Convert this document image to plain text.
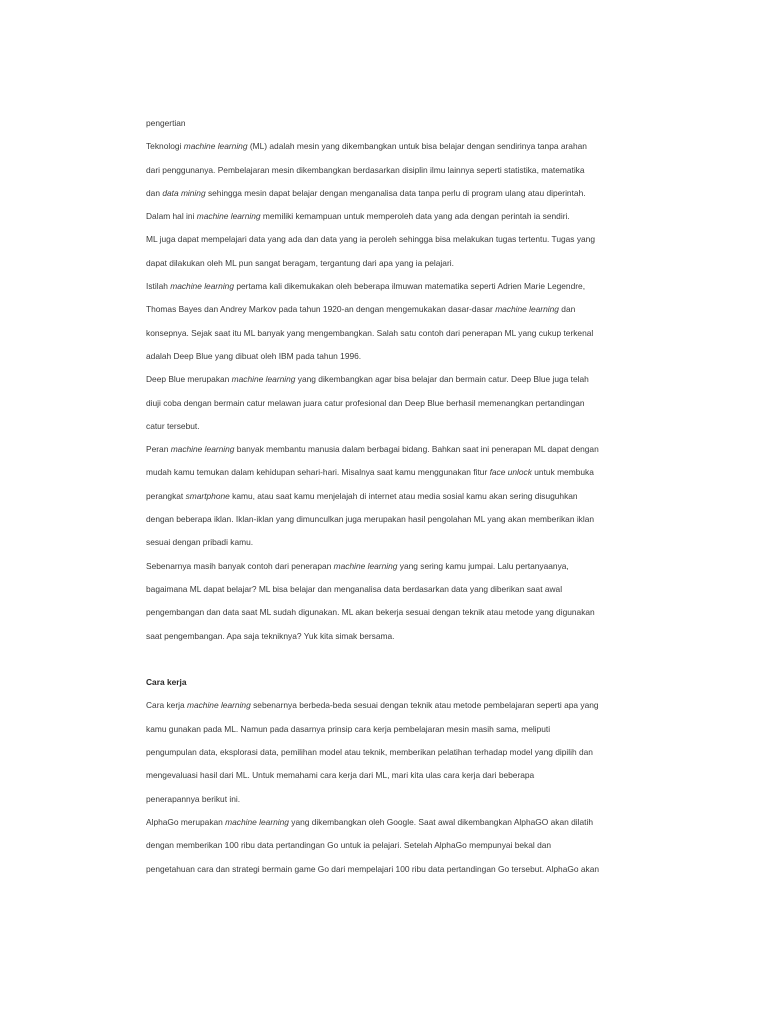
pengertian
Teknologi machine learning (ML) adalah mesin yang dikembangkan untuk bisa belajar dengan sendirinya tanpa arahan
dari penggunanya. Pembelajaran mesin dikembangkan berdasarkan disiplin ilmu lainnya seperti statistika, matematika
dan data mining sehingga mesin dapat belajar dengan menganalisa data tanpa perlu di program ulang atau diperintah.
Dalam hal ini machine learning memiliki kemampuan untuk memperoleh data yang ada dengan perintah ia sendiri.
ML juga dapat mempelajari data yang ada dan data yang ia peroleh sehingga bisa melakukan tugas tertentu. Tugas yang
dapat dilakukan oleh ML pun sangat beragam, tergantung dari apa yang ia pelajari.
Istilah machine learning pertama kali dikemukakan oleh beberapa ilmuwan matematika seperti Adrien Marie Legendre,
Thomas Bayes dan Andrey Markov pada tahun 1920-an dengan mengemukakan dasar-dasar machine learning dan
konsepnya. Sejak saat itu ML banyak yang mengembangkan. Salah satu contoh dari penerapan ML yang cukup terkenal
adalah Deep Blue yang dibuat oleh IBM pada tahun 1996.
Deep Blue merupakan machine learning yang dikembangkan agar bisa belajar dan bermain catur. Deep Blue juga telah
diuji coba dengan bermain catur melawan juara catur profesional dan Deep Blue berhasil memenangkan pertandingan
catur tersebut.
Peran machine learning banyak membantu manusia dalam berbagai bidang. Bahkan saat ini penerapan ML dapat dengan
mudah kamu temukan dalam kehidupan sehari-hari. Misalnya saat kamu menggunakan fitur face unlock untuk membuka
perangkat smartphone kamu, atau saat kamu menjelajah di internet atau media sosial kamu akan sering disuguhkan
dengan beberapa iklan. Iklan-iklan yang dimunculkan juga merupakan hasil pengolahan ML yang akan memberikan iklan
sesuai dengan pribadi kamu.
Sebenarnya masih banyak contoh dari penerapan machine learning yang sering kamu jumpai. Lalu pertanyaanya,
bagaimana ML dapat belajar? ML bisa belajar dan menganalisa data berdasarkan data yang diberikan saat awal
pengembangan dan data saat ML sudah digunakan. ML akan bekerja sesuai dengan teknik atau metode yang digunakan
saat pengembangan. Apa saja tekniknya? Yuk kita simak bersama.
Cara kerja
Cara kerja machine learning sebenarnya berbeda-beda sesuai dengan teknik atau metode pembelajaran seperti apa yang
kamu gunakan pada ML. Namun pada dasarnya prinsip cara kerja pembelajaran mesin masih sama, meliputi
pengumpulan data, eksplorasi data, pemilihan model atau teknik, memberikan pelatihan terhadap model yang dipilih dan
mengevaluasi hasil dari ML. Untuk memahami cara kerja dari ML, mari kita ulas cara kerja dari beberapa
penerapannya berikut ini.
AlphaGo merupakan machine learning yang dikembangkan oleh Google. Saat awal dikembangkan AlphaGO akan dilatih
dengan memberikan 100 ribu data pertandingan Go untuk ia pelajari. Setelah AlphaGo mempunyai bekal dan
pengetahuan cara dan strategi bermain game Go dari mempelajari 100 ribu data pertandingan Go tersebut. AlphaGo akan
